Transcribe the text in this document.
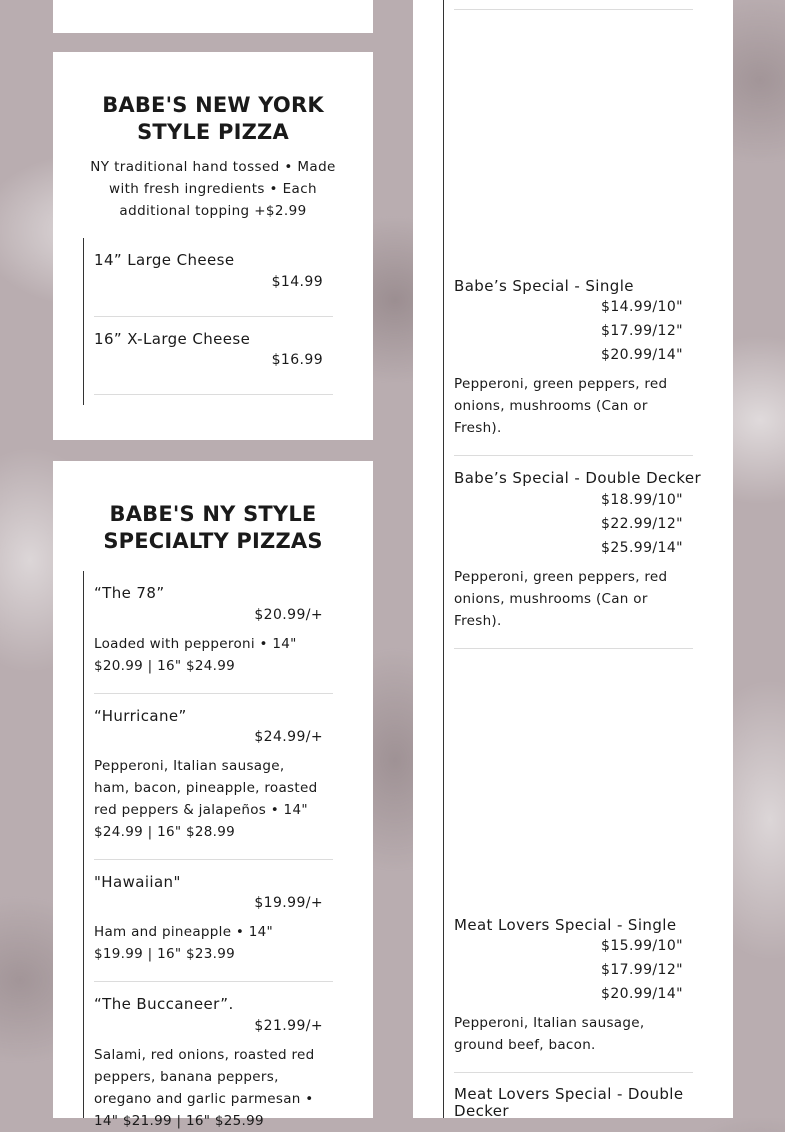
BABE'S NEW YORK
STYLE PIZZA
NY traditional hand tossed • Made
with fresh ingredients • Each
additional topping +$2.99
14” Large Cheese
$14.99
16” X-Large Cheese
$16.99
BABE'S NY STYLE
SPECIALTY PIZZAS
“The 78”
$20.99/+
Loaded with pepperoni • 14"
$20.99 | 16" $24.99
“Hurricane”
$24.99/+
Pepperoni, Italian sausage,
ham, bacon, pineapple, roasted
red peppers & jalapeños • 14"
$24.99 | 16" $28.99
"Hawaiian"
$19.99/+
Ham and pineapple • 14"
$19.99 | 16" $23.99
“The Buccaneer”.
$21.99/+
Salami, red onions, roasted red
peppers, banana peppers,
oregano and garlic parmesan •
14" $21.99 | 16" $25.99
Babe’s Special - Single
$14.99/10"
$17.99/12"
$20.99/14"
Pepperoni, green peppers, red
onions, mushrooms (Can or
Fresh).
Babe’s Special - Double Decker
$18.99/10"
$22.99/12"
$25.99/14"
Pepperoni, green peppers, red
onions, mushrooms (Can or
Fresh).
Meat Lovers Special - Single
$15.99/10"
$17.99/12"
$20.99/14"
Pepperoni, Italian sausage,
ground beef, bacon.
Meat Lovers Special - Double
Decker
